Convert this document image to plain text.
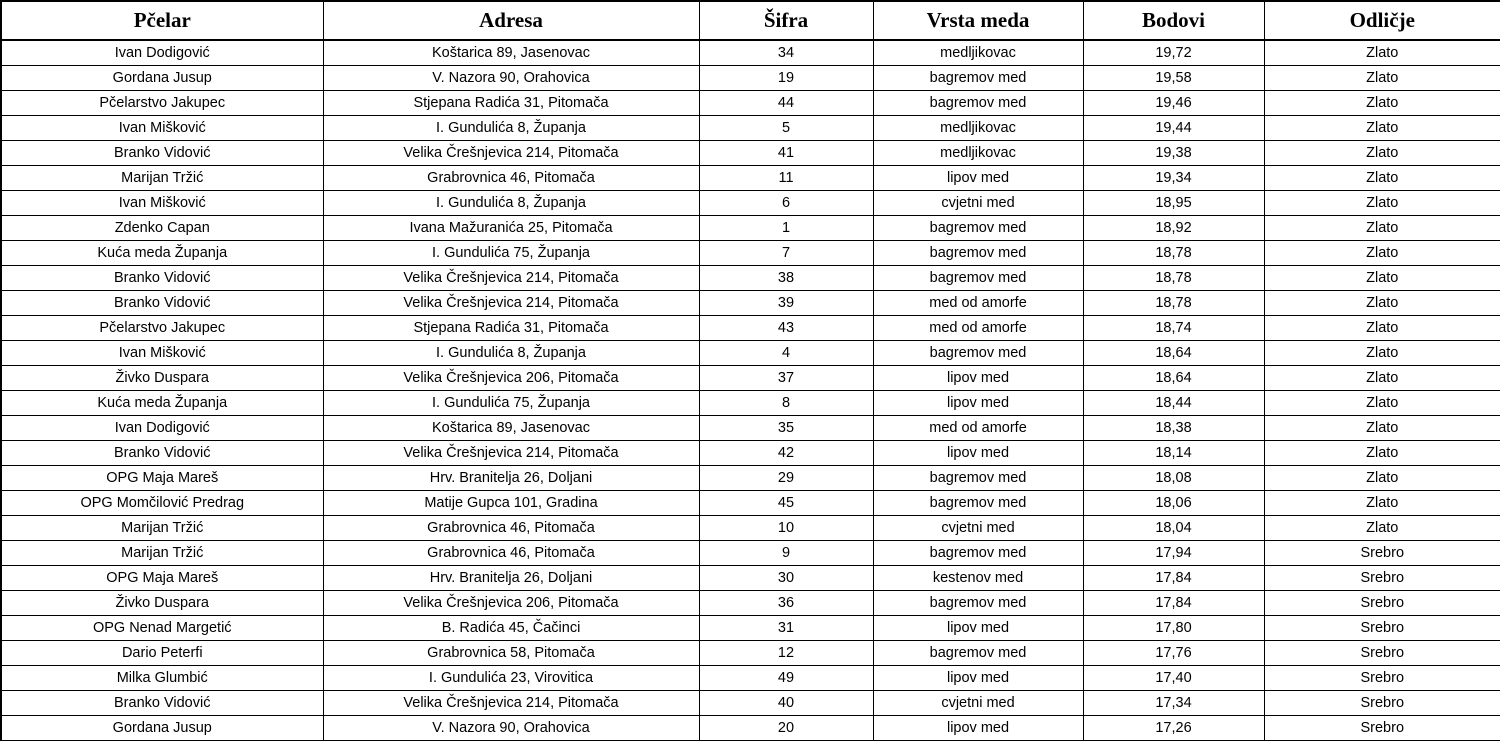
Pčelar	Adresa	Šifra	Vrsta meda	Bodovi	Odličje
Ivan Dodigović	Koštarica 89, Jasenovac	34	medljikovac	19,72	Zlato
Gordana Jusup	V. Nazora 90, Orahovica	19	bagremov med	19,58	Zlato
Pčelarstvo Jakupec	Stjepana Radića 31, Pitomača	44	bagremov med	19,46	Zlato
Ivan Mišković	I. Gundulića 8, Županja	5	medljikovac	19,44	Zlato
Branko Vidović	Velika Črešnjevica 214, Pitomača	41	medljikovac	19,38	Zlato
Marijan Tržić	Grabrovnica 46, Pitomača	11	lipov med	19,34	Zlato
Ivan Mišković	I. Gundulića 8, Županja	6	cvjetni med	18,95	Zlato
Zdenko Capan	Ivana Mažuranića 25, Pitomača	1	bagremov med	18,92	Zlato
Kuća meda Županja	I. Gundulića 75, Županja	7	bagremov med	18,78	Zlato
Branko Vidović	Velika Črešnjevica 214, Pitomača	38	bagremov med	18,78	Zlato
Branko Vidović	Velika Črešnjevica 214, Pitomača	39	med od amorfe	18,78	Zlato
Pčelarstvo Jakupec	Stjepana Radića 31, Pitomača	43	med od amorfe	18,74	Zlato
Ivan Mišković	I. Gundulića 8, Županja	4	bagremov med	18,64	Zlato
Živko Duspara	Velika Črešnjevica 206, Pitomača	37	lipov med	18,64	Zlato
Kuća meda Županja	I. Gundulića 75, Županja	8	lipov med	18,44	Zlato
Ivan Dodigović	Koštarica 89, Jasenovac	35	med od amorfe	18,38	Zlato
Branko Vidović	Velika Črešnjevica 214, Pitomača	42	lipov med	18,14	Zlato
OPG Maja Mareš	Hrv. Branitelja 26, Doljani	29	bagremov med	18,08	Zlato
OPG Momčilović Predrag	Matije Gupca 101, Gradina	45	bagremov med	18,06	Zlato
Marijan Tržić	Grabrovnica 46, Pitomača	10	cvjetni med	18,04	Zlato
Marijan Tržić	Grabrovnica 46, Pitomača	9	bagremov med	17,94	Srebro
OPG Maja Mareš	Hrv. Branitelja 26, Doljani	30	kestenov med	17,84	Srebro
Živko Duspara	Velika Črešnjevica 206, Pitomača	36	bagremov med	17,84	Srebro
OPG Nenad Margetić	B. Radića 45, Čačinci	31	lipov med	17,80	Srebro
Dario Peterfi	Grabrovnica 58, Pitomača	12	bagremov med	17,76	Srebro
Milka Glumbić	I. Gundulića 23, Virovitica	49	lipov med	17,40	Srebro
Branko Vidović	Velika Črešnjevica 214, Pitomača	40	cvjetni med	17,34	Srebro
Gordana Jusup	V. Nazora 90, Orahovica	20	lipov med	17,26	Srebro
